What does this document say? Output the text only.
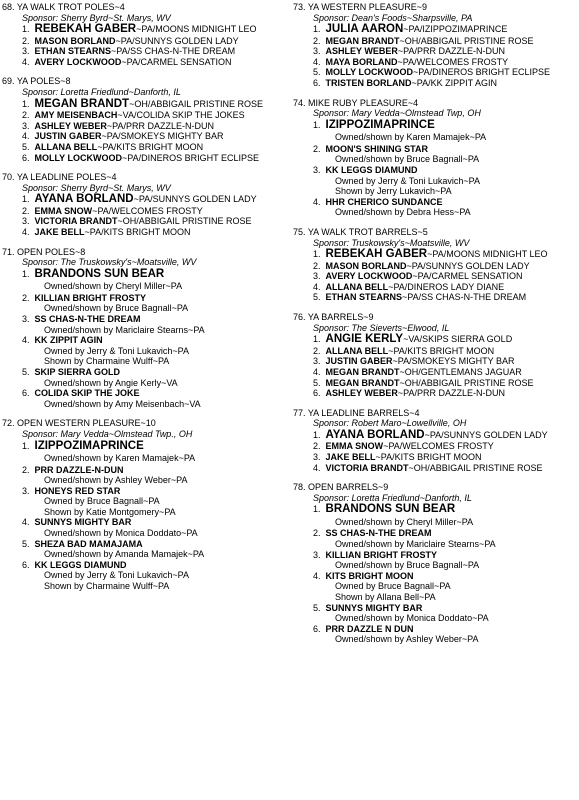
68. YA WALK TROT POLES~4
Sponsor: Sherry Byrd~St. Marys, WV
1. REBEKAH GABER~PA/MOONS MIDNIGHT LEO
2. MASON BORLAND~PA/SUNNYS GOLDEN LADY
3. ETHAN STEARNS~PA/SS CHAS-N-THE DREAM
4. AVERY LOCKWOOD~PA/CARMEL SENSATION
69. YA POLES~8
Sponsor: Loretta Friedlund~Danforth, IL
1. MEGAN BRANDT~OH/ABBIGAIL PRISTINE ROSE
2. AMY MEISENBACH~VA/COLIDA SKIP THE JOKES
3. ASHLEY WEBER~PA/PRR DAZZLE-N-DUN
4. JUSTIN GABER~PA/SMOKEYS MIGHTY BAR
5. ALLANA BELL~PA/KITS BRIGHT MOON
6. MOLLY LOCKWOOD~PA/DINEROS BRIGHT ECLIPSE
70. YA LEADLINE POLES~4
Sponsor: Sherry Byrd~St. Marys, WV
1. AYANA BORLAND~PA/SUNNYS GOLDEN LADY
2. EMMA SNOW~PA/WELCOMES FROSTY
3. VICTORIA BRANDT~OH/ABBIGAIL PRISTINE ROSE
4. JAKE BELL~PA/KITS BRIGHT MOON
71. OPEN POLES~8
Sponsor: The Truskowsky's~Moatsville, WV
1. BRANDONS SUN BEAR
Owned/shown by Cheryl Miller~PA
2. KILLIAN BRIGHT FROSTY
Owned/shown by Bruce Bagnall~PA
3. SS CHAS-N-THE DREAM
Owned/shown by Mariclaire Stearns~PA
4. KK ZIPPIT AGIN
Owned by Jerry & Toni Lukavich~PA
Shown by Charmaine Wulff~PA
5. SKIP SIERRA GOLD
Owned/shown by Angie Kerly~VA
6. COLIDA SKIP THE JOKE
Owned/shown by Amy Meisenbach~VA
72. OPEN WESTERN PLEASURE~10
Sponsor: Mary Vedda~Olmstead Twp., OH
1. IZIPPOZIMAPRINCE
Owned/shown by Karen Mamajek~PA
2. PRR DAZZLE-N-DUN
Owned/shown by Ashley Weber~PA
3. HONEYS RED STAR
Owned by Bruce Bagnall~PA
Shown by Katie Montgomery~PA
4. SUNNYS MIGHTY BAR
Owned/shown by Monica Doddato~PA
5. SHEZA BAD MAMAJAMA
Owned/shown by Amanda Mamajek~PA
6. KK LEGGS DIAMUND
Owned by Jerry & Toni Lukavich~PA
Shown by Charmaine Wulff~PA
73. YA WESTERN PLEASURE~9
Sponsor: Dean's Foods~Sharpsville, PA
1. JULIA AARON~PA/IZIPPOZIMAPRINCE
2. MEGAN BRANDT~OH/ABBIGAIL PRISTINE ROSE
3. ASHLEY WEBER~PA/PRR DAZZLE-N-DUN
4. MAYA BORLAND~PA/WELCOMES FROSTY
5. MOLLY LOCKWOOD~PA/DINEROS BRIGHT ECLIPSE
6. TRISTEN BORLAND~PA/KK ZIPPIT AGIN
74. MIKE RUBY PLEASURE~4
Sponsor: Mary Vedda~Olmstead Twp, OH
1. IZIPPOZIMAPRINCE
Owned/shown by Karen Mamajek~PA
2. MOON'S SHINING STAR
Owned/shown by Bruce Bagnall~PA
3. KK LEGGS DIAMUND
Owned by Jerry & Toni Lukavich~PA
Shown by Jerry Lukavich~PA
4. HHR CHERICO SUNDANCE
Owned/shown by Debra Hess~PA
75. YA WALK TROT BARRELS~5
Sponsor: Truskowsky's~Moatsville, WV
1. REBEKAH GABER~PA/MOONS MIDNIGHT LEO
2. MASON BORLAND~PA/SUNNYS GOLDEN LADY
3. AVERY LOCKWOOD~PA/CARMEL SENSATION
4. ALLANA BELL~PA/DINEROS LADY DIANE
5. ETHAN STEARNS~PA/SS CHAS-N-THE DREAM
76. YA BARRELS~9
Sponsor: The Sieverts~Elwood, IL
1. ANGIE KERLY~VA/SKIPS SIERRA GOLD
2. ALLANA BELL~PA/KITS BRIGHT MOON
3. JUSTIN GABER~PA/SMOKEYS MIGHTY BAR
4. MEGAN BRANDT~OH/GENTLEMANS JAGUAR
5. MEGAN BRANDT~OH/ABBIGAIL PRISTINE ROSE
6. ASHLEY WEBER~PA/PRR DAZZLE-N-DUN
77. YA LEADLINE BARRELS~4
Sponsor: Robert Maro~Lowellville, OH
1. AYANA BORLAND~PA/SUNNYS GOLDEN LADY
2. EMMA SNOW~PA/WELCOMES FROSTY
3. JAKE BELL~PA/KITS BRIGHT MOON
4. VICTORIA BRANDT~OH/ABBIGAIL PRISTINE ROSE
78. OPEN BARRELS~9
Sponsor: Loretta Friedlund~Danforth, IL
1. BRANDONS SUN BEAR
Owned/shown by Cheryl Miller~PA
2. SS CHAS-N-THE DREAM
Owned/shown by Mariclaire Stearns~PA
3. KILLIAN BRIGHT FROSTY
Owned/shown by Bruce Bagnall~PA
4. KITS BRIGHT MOON
Owned by Bruce Bagnall~PA
Shown by Allana Bell~PA
5. SUNNYS MIGHTY BAR
Owned/shown by Monica Doddato~PA
6. PRR DAZZLE N DUN
Owned/shown by Ashley Weber~PA
